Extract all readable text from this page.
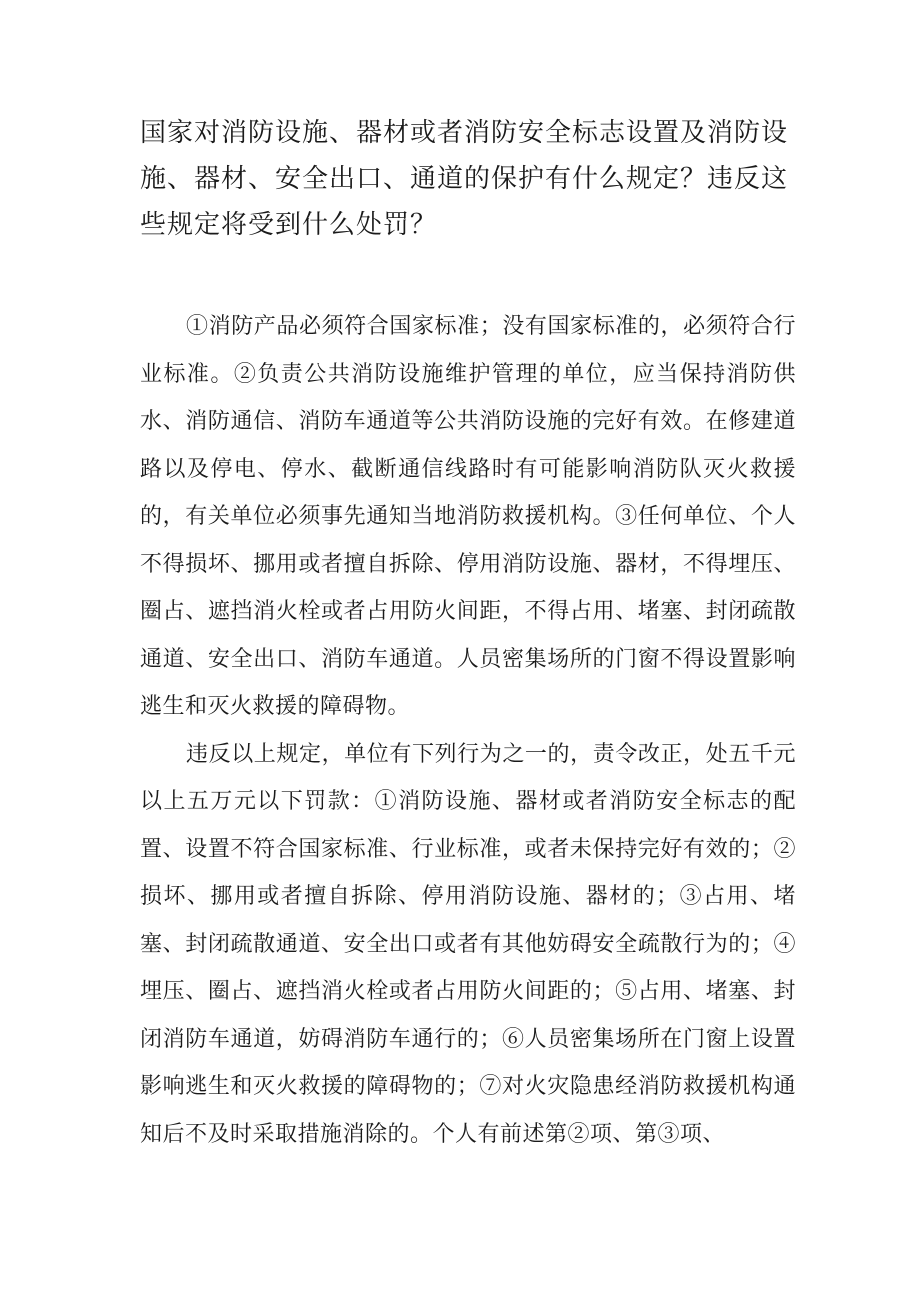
国家对消防设施、器材或者消防安全标志设置及消防设施、器材、安全出口、通道的保护有什么规定？违反这些规定将受到什么处罚？

①消防产品必须符合国家标准；没有国家标准的，必须符合行业标准。②负责公共消防设施维护管理的单位，应当保持消防供水、消防通信、消防车通道等公共消防设施的完好有效。在修建道路以及停电、停水、截断通信线路时有可能影响消防队灭火救援的，有关单位必须事先通知当地消防救援机构。③任何单位、个人不得损坏、挪用或者擅自拆除、停用消防设施、器材，不得埋压、圈占、遮挡消火栓或者占用防火间距，不得占用、堵塞、封闭疏散通道、安全出口、消防车通道。人员密集场所的门窗不得设置影响逃生和灭火救援的障碍物。

违反以上规定，单位有下列行为之一的，责令改正，处五千元以上五万元以下罚款：①消防设施、器材或者消防安全标志的配置、设置不符合国家标准、行业标准，或者未保持完好有效的；②损坏、挪用或者擅自拆除、停用消防设施、器材的；③占用、堵塞、封闭疏散通道、安全出口或者有其他妨碍安全疏散行为的；④埋压、圈占、遮挡消火栓或者占用防火间距的；⑤占用、堵塞、封闭消防车通道，妨碍消防车通行的；⑥人员密集场所在门窗上设置影响逃生和灭火救援的障碍物的；⑦对火灾隐患经消防救援机构通知后不及时采取措施消除的。个人有前述第②项、第③项、
